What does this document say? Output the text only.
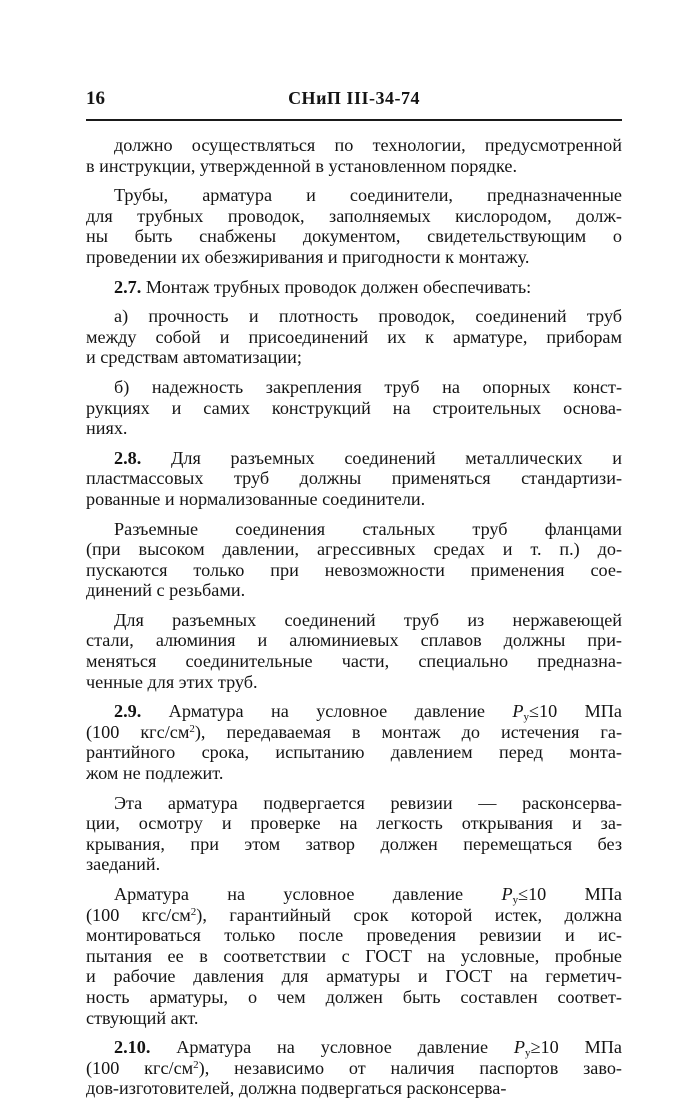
16	СНиП III-34-74
должно осуществляться по технологии, предусмотренной
в инструкции, утвержденной в установленном порядке.
Трубы, арматура и соединители, предназначенные
для трубных проводок, заполняемых кислородом, долж-
ны быть снабжены документом, свидетельствующим о
проведении их обезжиривания и пригодности к монтажу.
2.7. Монтаж трубных проводок должен обеспечивать:
а) прочность и плотность проводок, соединений труб
между собой и присоединений их к арматуре, приборам
и средствам автоматизации;
б) надежность закрепления труб на опорных конст-
рукциях и самих конструкций на строительных основа-
ниях.
2.8. Для разъемных соединений металлических и
пластмассовых труб должны применяться стандартизи-
рованные и нормализованные соединители.
Разъемные соединения стальных труб фланцами
(при высоком давлении, агрессивных средах и т. п.) до-
пускаются только при невозможности применения сое-
динений с резьбами.
Для разъемных соединений труб из нержавеющей
стали, алюминия и алюминиевых сплавов должны при-
меняться соединительные части, специально предназна-
ченные для этих труб.
2.9. Арматура на условное давление $P_у\le 10$ МПа
(100 кгс/$см^2$), передаваемая в монтаж до истечения га-
рантийного срока, испытанию давлением перед монта-
жом не подлежит.
Эта арматура подвергается ревизии — расконсерва-
ции, осмотру и проверке на легкость открывания и за-
крывания, при этом затвор должен перемещаться без
заеданий.
Арматура на условное давление $P_у\le 10$ МПа
(100 кгс/$см^2$), гарантийный срок которой истек, должна
монтироваться только после проведения ревизии и ис-
пытания ее в соответствии с ГОСТ на условные, пробные
и рабочие давления для арматуры и ГОСТ на герметич-
ность арматуры, о чем должен быть составлен соответ-
ствующий акт.
2.10. Арматура на условное давление $P_у\ge 10$ МПа
(100 кгс/$см^2$), независимо от наличия паспортов заво-
дов-изготовителей, должна подвергаться расконсерва-
